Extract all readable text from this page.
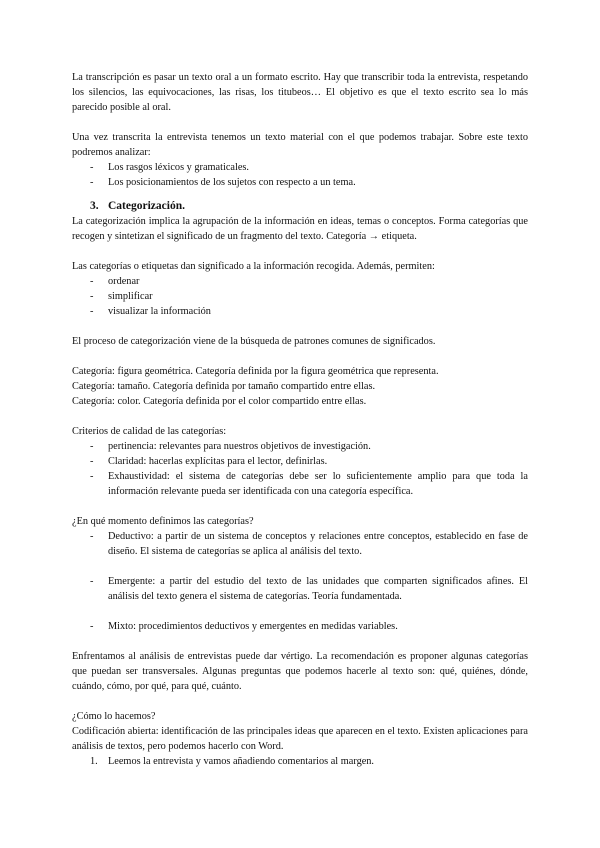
La transcripción es pasar un texto oral a un formato escrito. Hay que transcribir toda la entrevista, respetando los silencios, las equivocaciones, las risas, los titubeos… El objetivo es que el texto escrito sea lo más parecido posible al oral.

Una vez transcrita la entrevista tenemos un texto material con el que podemos trabajar. Sobre este texto podremos analizar:

- Los rasgos léxicos y gramaticales.
- Los posicionamientos de los sujetos con respecto a un tema.
3. Categorización.

La categorización implica la agrupación de la información en ideas, temas o conceptos. Forma categorías que recogen y sintetizan el significado de un fragmento del texto. Categoría → etiqueta.

Las categorías o etiquetas dan significado a la información recogida. Además, permiten:

- ordenar
- simplificar
- visualizar la información

El proceso de categorización viene de la búsqueda de patrones comunes de significados.

Categoría: figura geométrica. Categoría definida por la figura geométrica que representa.

Categoría: tamaño. Categoría definida por tamaño compartido entre ellas.

Categoría: color. Categoría definida por el color compartido entre ellas.

Criterios de calidad de las categorías:

- pertinencia: relevantes para nuestros objetivos de investigación.
- Claridad: hacerlas explícitas para el lector, definirlas.
- Exhaustividad: el sistema de categorías debe ser lo suficientemente amplio para que toda la información relevante pueda ser identificada con una categoría específica.

¿En qué momento definimos las categorías?

- Deductivo: a partir de un sistema de conceptos y relaciones entre conceptos, establecido en fase de diseño. El sistema de categorías se aplica al análisis del texto.
- Emergente: a partir del estudio del texto de las unidades que comparten significados afines. El análisis del texto genera el sistema de categorías. Teoría fundamentada.
- Mixto: procedimientos deductivos y emergentes en medidas variables.

Enfrentamos al análisis de entrevistas puede dar vértigo. La recomendación es proponer algunas categorías que puedan ser transversales. Algunas preguntas que podemos hacerle al texto son: qué, quiénes, dónde, cuándo, cómo, por qué, para qué, cuánto.

¿Cómo lo hacemos?

Codificación abierta: identificación de las principales ideas que aparecen en el texto. Existen aplicaciones para análisis de textos, pero podemos hacerlo con Word.

1. Leemos la entrevista y vamos añadiendo comentarios al margen.
